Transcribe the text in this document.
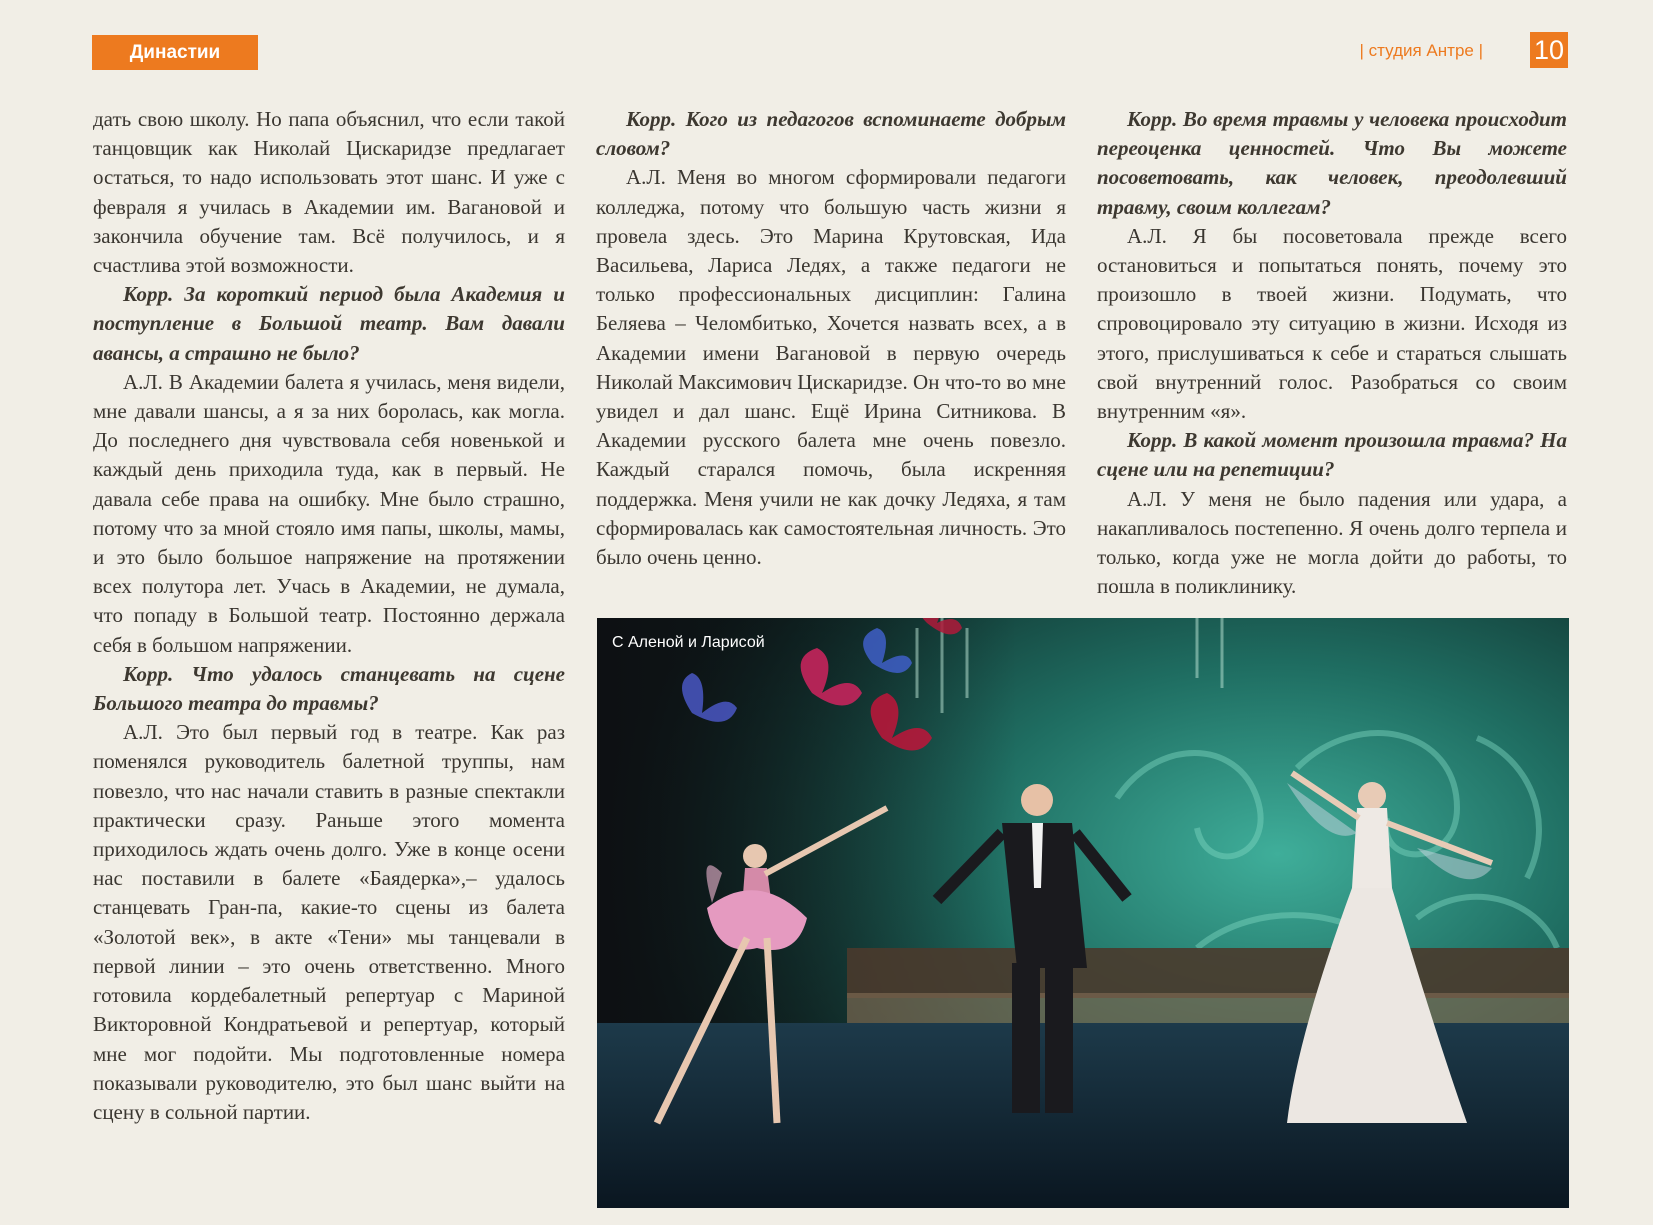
Династии	| студия Антре | 10

дать свою школу. Но папа объяснил, что если такой танцовщик как Николай Цискаридзе предлагает остаться, то надо использовать этот шанс. И уже с февраля я училась в Академии им. Вагановой и закончила обучение там. Всё получилось, и я счастлива этой возможности.

Корр. За короткий период была Академия и поступление в Большой театр. Вам давали авансы, а страшно не было?

А.Л. В Академии балета я училась, меня видели, мне давали шансы, а я за них боролась, как могла. До последнего дня чувствовала себя новенькой и каждый день приходила туда, как в первый. Не давала себе права на ошибку. Мне было страшно, потому что за мной стояло имя папы, школы, мамы, и это было большое напряжение на протяжении всех полутора лет. Учась в Академии, не думала, что попаду в Большой театр. Постоянно держала себя в большом напряжении.

Корр. Что удалось станцевать на сцене Большого театра до травмы?

А.Л. Это был первый год в театре. Как раз поменялся руководитель балетной труппы, нам повезло, что нас начали ставить в разные спектакли практически сразу. Раньше этого момента приходилось ждать очень долго. Уже в конце осени нас поставили в балете «Баядерка»,– удалось станцевать Гран-па, какие-то сцены из балета «Золотой век», в акте «Тени» мы танцевали в первой линии – это очень ответственно. Много готовила кордебалетный репертуар с Мариной Викторовной Кондратьевой и репертуар, который мне мог подойти. Мы подготовленные номера показывали руководителю, это был шанс выйти на сцену в сольной партии.

Корр. Кого из педагогов вспоминаете добрым словом?

А.Л. Меня во многом сформировали педагоги колледжа, потому что большую часть жизни я провела здесь. Это Марина Крутовская, Ида Васильева, Лариса Ледях, а также педагоги не только профессиональных дисциплин: Галина Беляева – Челомбитько, Хочется назвать всех, а в Академии имени Вагановой в первую очередь Николай Максимович Цискаридзе. Он что-то во мне увидел и дал шанс. Ещё Ирина Ситникова. В Академии русского балета мне очень повезло. Каждый старался помочь, была искренняя поддержка. Меня учили не как дочку Ледяха, я там сформировалась как самостоятельная личность. Это было очень ценно.

Корр. Во время травмы у человека происходит переоценка ценностей. Что Вы можете посоветовать, как человек, преодолевший травму, своим коллегам?

А.Л. Я бы посоветовала прежде всего остановиться и попытаться понять, почему это произошло в твоей жизни. Подумать, что спровоцировало эту ситуацию в жизни. Исходя из этого, прислушиваться к себе и стараться слышать свой внутренний голос. Разобраться со своим внутренним «я».

Корр. В какой момент произошла травма? На сцене или на репетиции?

А.Л. У меня не было падения или удара, а накапливалось постепенно. Я очень долго терпела и только, когда уже не могла дойти до работы, то пошла в поликлинику.

С Аленой и Ларисой
